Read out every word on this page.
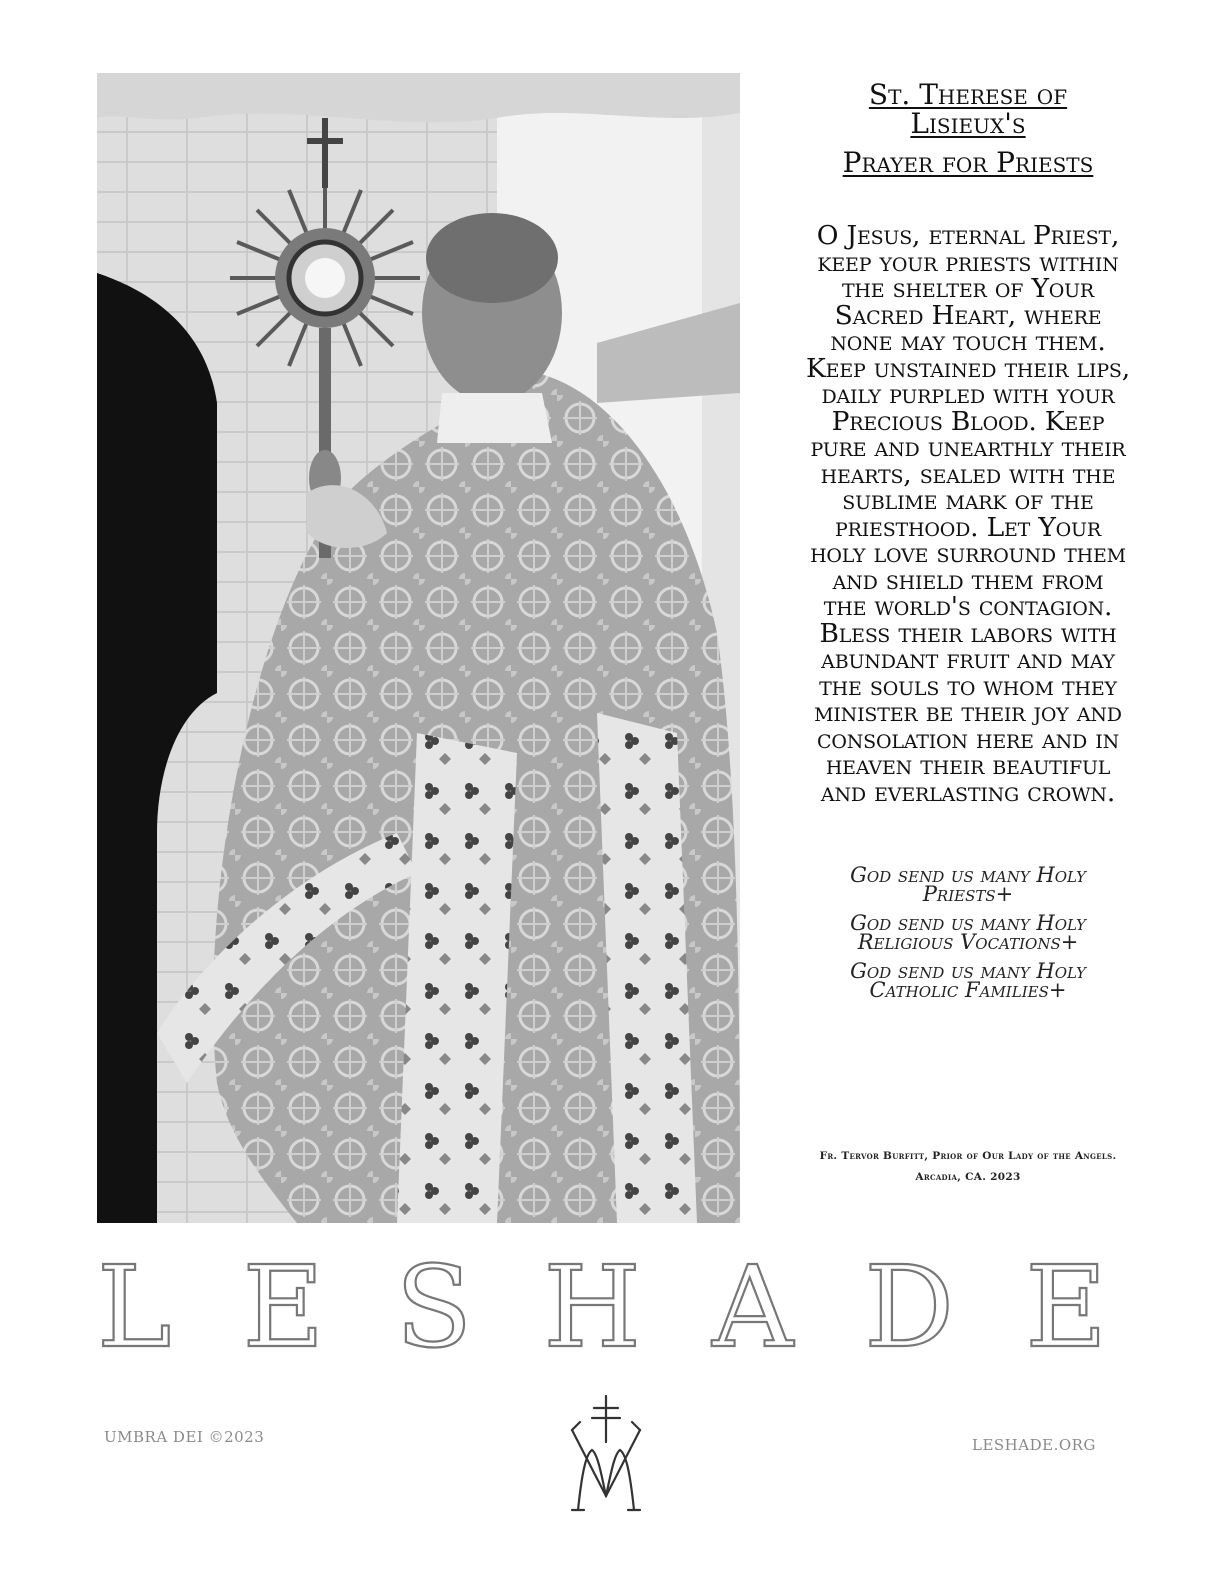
St. Therese of
Lisieux's
Prayer for Priests
O Jesus, eternal Priest,
keep your priests within
the shelter of Your
Sacred Heart, where
none may touch them.
Keep unstained their lips,
daily purpled with your
Precious Blood. Keep
pure and unearthly their
hearts, sealed with the
sublime mark of the
priesthood. Let Your
holy love surround them
and shield them from
the world's contagion.
Bless their labors with
abundant fruit and may
the souls to whom they
minister be their joy and
consolation here and in
heaven their beautiful
and everlasting crown.
God send us many Holy
Priests+
God send us many Holy
Religious Vocations+
God send us many Holy
Catholic Families+
Fr. Tervor Burfitt, Prior of Our Lady of the Angels.
Arcadia, CA. 2023
L E S H A D E
UMBRA DEI ©2023	LESHADE.ORG
